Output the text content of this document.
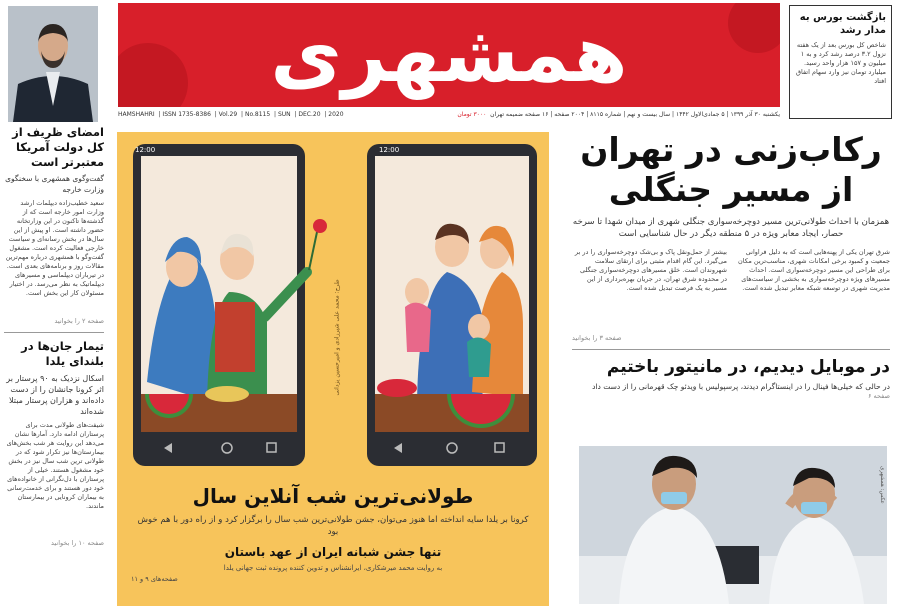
همشهری
HAMSHAHRI  | ISSN 1735-8386  | Vol.29  | No.8115  | SUN  | DEC.20  | 2020	یکشنبه ۳۰ آذر ۱۳۹۹ | ۵ جمادی‌الاول ۱۴۴۲ | سال بیست و نهم | شماره ۸۱۱۵ | ۲۰۰۴ صفحه | ۱۶ صفحه ضمیمه تهران  ۳۰۰۰ تومان
بازگشت بورس به مدار رشد
شاخص کل بورس بعد از یک هفته نزول ۳.۲ درصد رشد کرد و به ۱ میلیون و ۱۵۷ هزار واحد رسید. میلیارد تومان نیز وارد سهام اتفاق افتاد
امضای ظریف از کل دولت آمریکا معتبرتر است
گفت‌وگوی همشهری با سخنگوی وزارت خارجه
سعید خطیب‌زاده دیپلمات ارشد وزارت امور خارجه است که از گذشته‌ها تاکنون در این وزارتخانه حضور داشته است. او پیش از این سال‌ها در بخش رسانه‌ای و سیاست خارجی فعالیت کرده است. مشغول گفت‌وگو با همشهری درباره مهم‌ترین مقالات روز و برنامه‌های بعدی است. در تیرباران دیپلماسی و مسیرهای دیپلماتیک به نظر می‌رسد. در اختیار مسئولان کار این بخش است.
صفحه ۲ را بخوانید
تیمار جان‌ها در بلندای یلدا
اسکال نزدیک به ۹۰ پرستار بر اثر کرونا جانشان را از دست داده‌اند و هزاران پرستار مبتلا شده‌اند
شیفت‌های طولانی مدت برای پرستاران ادامه دارد. آمارها نشان می‌دهد این روایت هر شب بخش‌های بیمارستان‌ها نیز تکرار شود که در طولانی ترین شب سال نیز در بخش خود مشغول هستند. خیلی از پرستاران با دل‌نگرانی از خانواده‌های خود دور هستند و برای خدمت‌رسانی به بیماران کرونایی در بیمارستان ماندند.
صفحه ۱۰ را بخوانید
12:00	12:00
طرح: محمد علی شیرزادی و امیرحسین یزدانی
طولانی‌ترین شب آنلاین سال
کرونا بر یلدا سایه انداخته اما هنوز می‌توان، جشن طولانی‌ترین شب سال را برگزار کرد و از راه دور با هم خوش بود
تنها جشن شبانه ایران از عهد باستان
به روایت محمد میرشکاری، ایرانشناس و تدوین کننده پرونده ثبت جهانی یلدا
صفحه‌های ۹ و ۱۱
رکاب‌زنی در تهران
از مسیر جنگلی
همزمان با احداث طولانی‌ترین مسیر دوچرخه‌سواری جنگلی شهری از میدان شهدا تا سرخه حصار، ایجاد معابر ویژه در ۵ منطقه دیگر در حال شناسایی است
شرق تهران یکی از پهنه‌هایی است که به دلیل فراوانی جمعیت و کمبود برخی امکانات شهری، مناسب‌ترین مکان برای طراحی این مسیر دوچرخه‌سواری است. احداث مسیرهای ویژه دوچرخه‌سواری به بخشی از سیاست‌های مدیریت شهری در توسعه شبکه معابر تبدیل شده است.
بیشتر از حمل‌ونقل پاک و بی‌شک دوچرخه‌سواری را در بر می‌گیرد. این گام اقدام مثبتی برای ارتقای سلامت شهروندان است. خلق مسیرهای دوچرخه‌سواری جنگلی در محدوده شرق تهران، در جریان بهره‌برداری از این مسیر به یک فرصت تبدیل شده است.
صفحه ۳ را بخوانید
در موبایل دیدیم، در مانیتور باختیم
در حالی که خیلی‌ها فینال را در اینستاگرام دیدند، پرسپولیس با ویدئو چک قهرمانی را از دست داد
صفحه ۶
عکس: همشهری
